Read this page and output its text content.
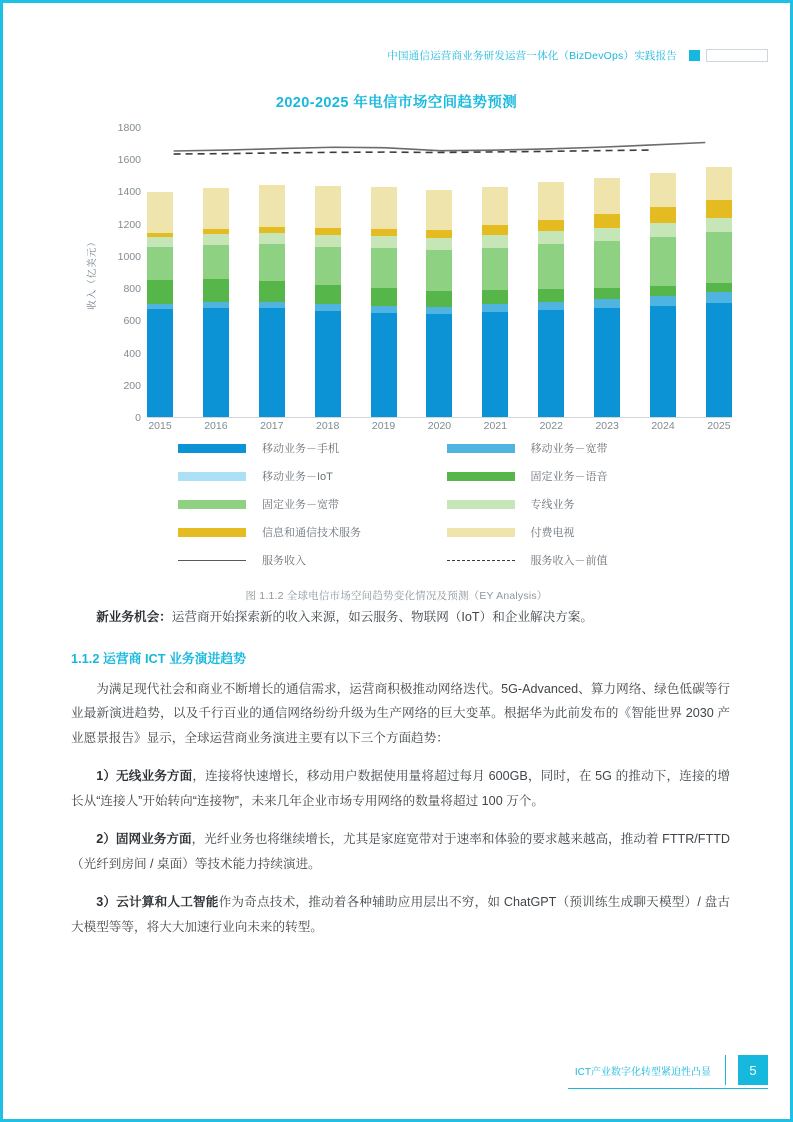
中国通信运营商业务研发运营一体化（BizDevOps）实践报告
2020-2025 年电信市场空间趋势预测
收入（亿美元）
0
200
400
600
800
1000
1200
1400
1600
1800
2015	2016	2017	2018	2019	2020	2021	2022	2023	2024	2025
移动业务－手机	移动业务－宽带
移动业务－IoT	固定业务－语音
固定业务－宽带	专线业务
信息和通信技术服务	付费电视
服务收入	服务收入－前值
图 1.1.2 全球电信市场空间趋势变化情况及预测（EY Analysis）

新业务机会：运营商开始探索新的收入来源，如云服务、物联网（IoT）和企业解决方案。

1.1.2 运营商 ICT 业务演进趋势

为满足现代社会和商业不断增长的通信需求，运营商积极推动网络迭代。5G-Advanced、算力网络、绿色低碳等行业最新演进趋势，以及千行百业的通信网络纷纷升级为生产网络的巨大变革。根据华为此前发布的《智能世界 2030 产业愿景报告》显示，全球运营商业务演进主要有以下三个方面趋势：

1）无线业务方面，连接将快速增长，移动用户数据使用量将超过每月 600GB，同时，在 5G 的推动下，连接的增长从“连接人”开始转向“连接物”，未来几年企业市场专用网络的数量将超过 100 万个。

2）固网业务方面，光纤业务也将继续增长，尤其是家庭宽带对于速率和体验的要求越来越高，推动着 FTTR/FTTD（光纤到房间 / 桌面）等技术能力持续演进。

3）云计算和人工智能作为奇点技术，推动着各种辅助应用层出不穷，如 ChatGPT（预训练生成聊天模型）/ 盘古大模型等等，将大大加速行业向未来的转型。

ICT产业数字化转型紧迫性凸显	5
